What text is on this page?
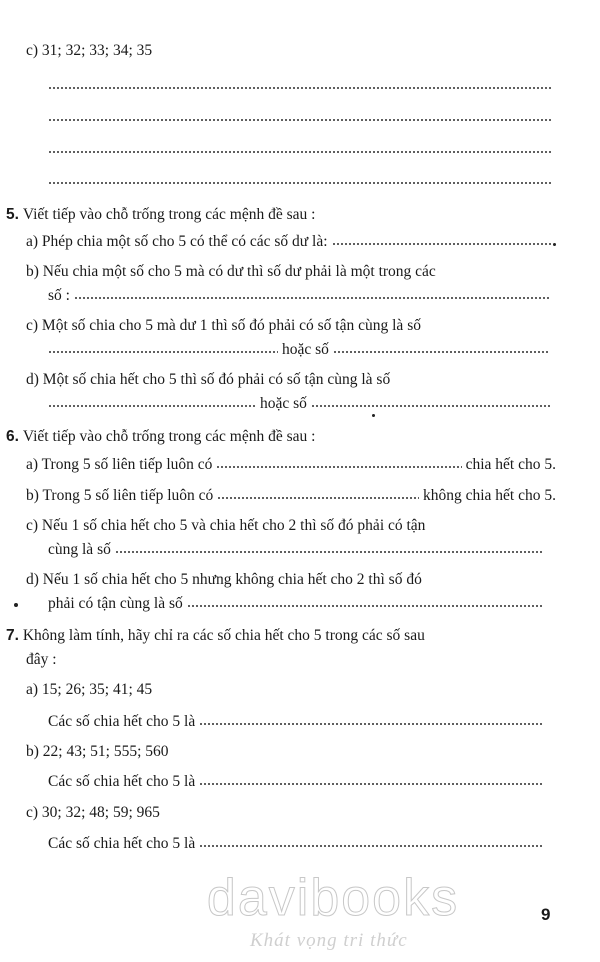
c) 31; 32; 33; 34; 35
5.
Viết tiếp vào chỗ trống trong các mệnh đề sau :
a) Phép chia một số cho 5 có thể có các số dư là:
b) Nếu chia một số cho 5 mà có dư thì số dư phải là một trong các
số :
c) Một số chia cho 5 mà dư 1 thì số đó phải có số tận cùng là số
hoặc số
d) Một số chia hết cho 5 thì số đó phải có số tận cùng là số
hoặc số
6.
Viết tiếp vào chỗ trống trong các mệnh đề sau :
a) Trong 5 số liên tiếp luôn có	chia hết cho 5.
b) Trong 5 số liên tiếp luôn có	không chia hết cho 5.
c) Nếu 1 số chia hết cho 5 và chia hết cho 2 thì số đó phải có tận
cùng là số
d) Nếu 1 số chia hết cho 5 nhưng không chia hết cho 2 thì số đó
phải có tận cùng là số
7.
Không làm tính, hãy chỉ ra các số chia hết cho 5 trong các số sau
đây :
a) 15; 26; 35; 41; 45
Các số chia hết cho 5 là
b) 22; 43; 51; 555; 560
Các số chia hết cho 5 là
c) 30; 32; 48; 59; 965
Các số chia hết cho 5 là
9
davibooks
Khát vọng tri thức
